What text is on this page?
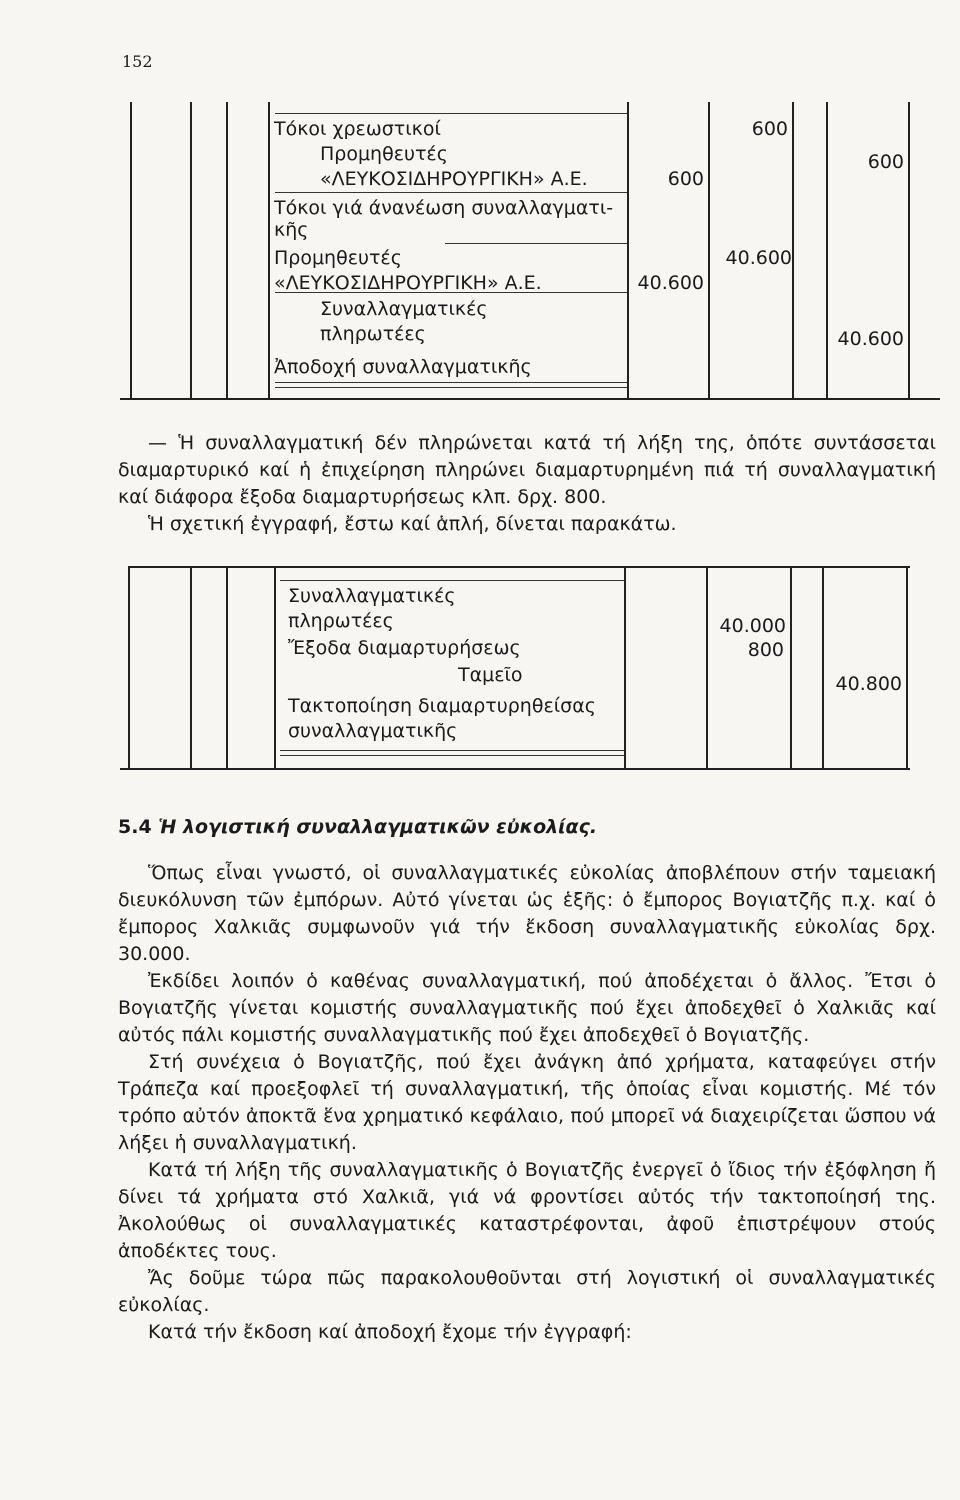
152
Τόκοι χρεωστικοί
Προμηθευτές
«ΛΕΥΚΟΣΙΔΗΡΟΥΡΓΙΚΗ» Α.Ε.
Τόκοι γιά άνανέωση συναλλαγματι-
κῆς
Προμηθευτές
«ΛΕΥΚΟΣΙΔΗΡΟΥΡΓΙΚΗ» Α.Ε.
Συναλλαγματικές
πληρωτέες
Ἀποδοχή συναλλαγματικῆς
600
600
600
40.600
40.600
40.600

— Ἡ συναλλαγματική δέν πληρώνεται κατά τή λήξη της, ὁπότε συντάσσεται διαμαρτυρικό καί ἡ ἐπιχείρηση πληρώνει διαμαρτυρημένη πιά τή συναλλαγματική καί διάφορα ἔξοδα διαμαρτυρήσεως κλπ. δρχ. 800.

Ἡ σχετική ἐγγραφή, ἔστω καί ἁπλή, δίνεται παρακάτω.

Συναλλαγματικές
πληρωτέες
Ἔξοδα διαμαρτυρήσεως
Ταμεῖο
Τακτοποίηση διαμαρτυρηθείσας
συναλλαγματικῆς
40.000
800
40.800
5.4 Ἡ λογιστική συναλλαγματικῶν εὐκολίας.

Ὅπως εἶναι γνωστό, οἱ συναλλαγματικές εὐκολίας ἀποβλέπουν στήν ταμειακή διευκόλυνση τῶν ἐμπόρων. Αὐτό γίνεται ὡς ἑξῆς: ὁ ἔμπορος Βογιατζῆς π.χ. καί ὁ ἔμπορος Χαλκιᾶς συμφωνοῦν γιά τήν ἔκδοση συναλλαγματικῆς εὐκολίας δρχ. 30.000.

Ἐκδίδει λοιπόν ὁ καθένας συναλλαγματική, πού ἀποδέχεται ὁ ἄλλος. Ἔτσι ὁ Βογιατζῆς γίνεται κομιστής συναλλαγματικῆς πού ἔχει ἀποδεχθεῖ ὁ Χαλκιᾶς καί αὐτός πάλι κομιστής συναλλαγματικῆς πού ἔχει ἀποδεχθεῖ ὁ Βογιατζῆς.

Στή συνέχεια ὁ Βογιατζῆς, πού ἔχει ἀνάγκη ἀπό χρήματα, καταφεύγει στήν Τράπεζα καί προεξοφλεῖ τή συναλλαγματική, τῆς ὁποίας εἶναι κομιστής. Μέ τόν τρόπο αὐτόν ἀποκτᾶ ἕνα χρηματικό κεφάλαιο, πού μπορεῖ νά διαχειρίζεται ὥσπου νά λήξει ἡ συναλλαγματική.

Κατά τή λήξη τῆς συναλλαγματικῆς ὁ Βογιατζῆς ἐνεργεῖ ὁ ἴδιος τήν ἐξόφληση ἤ δίνει τά χρήματα στό Χαλκιᾶ, γιά νά φροντίσει αὐτός τήν τακτοποίησή της. Ἀκολούθως οἱ συναλλαγματικές καταστρέφονται, ἀφοῦ ἐπιστρέψουν στούς ἀποδέκτες τους.

Ἄς δοῦμε τώρα πῶς παρακολουθοῦνται στή λογιστική οἱ συναλλαγματικές εὐκολίας.

Κατά τήν ἔκδοση καί ἀποδοχή ἔχομε τήν ἐγγραφή:
